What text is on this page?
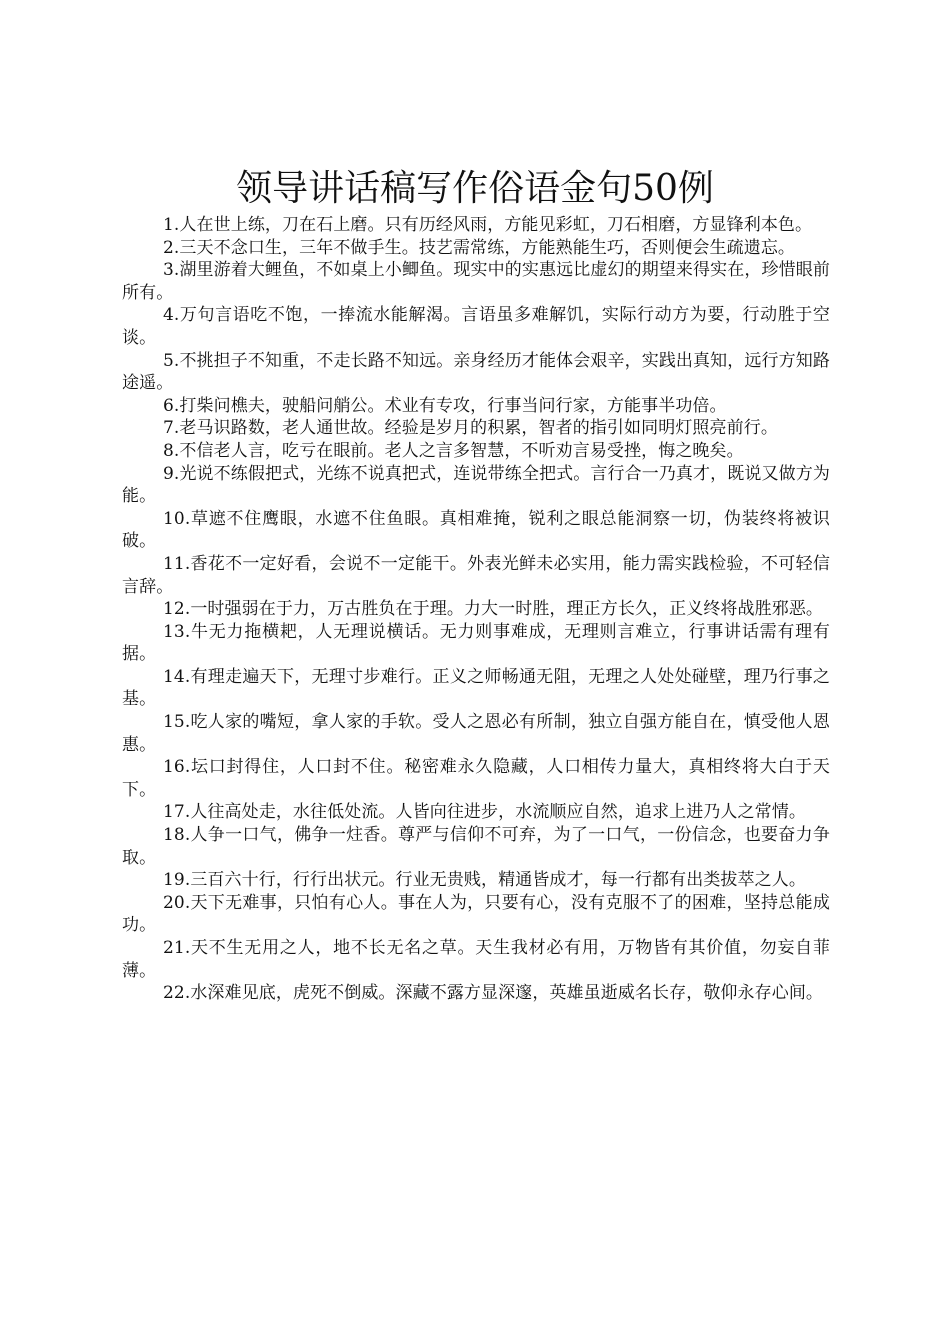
领导讲话稿写作俗语金句50例

1.人在世上练，刀在石上磨。只有历经风雨，方能见彩虹，刀石相磨，方显锋利本色。

2.三天不念口生，三年不做手生。技艺需常练，方能熟能生巧，否则便会生疏遗忘。

3.湖里游着大鲤鱼，不如桌上小鲫鱼。现实中的实惠远比虚幻的期望来得实在，珍惜眼前所有。

4.万句言语吃不饱，一捧流水能解渴。言语虽多难解饥，实际行动方为要，行动胜于空谈。

5.不挑担子不知重，不走长路不知远。亲身经历才能体会艰辛，实践出真知，远行方知路途遥。

6.打柴问樵夫，驶船问艄公。术业有专攻，行事当问行家，方能事半功倍。

7.老马识路数，老人通世故。经验是岁月的积累，智者的指引如同明灯照亮前行。

8.不信老人言，吃亏在眼前。老人之言多智慧，不听劝言易受挫，悔之晚矣。

9.光说不练假把式，光练不说真把式，连说带练全把式。言行合一乃真才，既说又做方为能。

10.草遮不住鹰眼，水遮不住鱼眼。真相难掩，锐利之眼总能洞察一切，伪装终将被识破。

11.香花不一定好看，会说不一定能干。外表光鲜未必实用，能力需实践检验，不可轻信言辞。

12.一时强弱在于力，万古胜负在于理。力大一时胜，理正方长久，正义终将战胜邪恶。

13.牛无力拖横耙，人无理说横话。无力则事难成，无理则言难立，行事讲话需有理有据。

14.有理走遍天下，无理寸步难行。正义之师畅通无阻，无理之人处处碰壁，理乃行事之基。

15.吃人家的嘴短，拿人家的手软。受人之恩必有所制，独立自强方能自在，慎受他人恩惠。

16.坛口封得住，人口封不住。秘密难永久隐藏，人口相传力量大，真相终将大白于天下。

17.人往高处走，水往低处流。人皆向往进步，水流顺应自然，追求上进乃人之常情。

18.人争一口气，佛争一炷香。尊严与信仰不可弃，为了一口气，一份信念，也要奋力争取。

19.三百六十行，行行出状元。行业无贵贱，精通皆成才，每一行都有出类拔萃之人。

20.天下无难事，只怕有心人。事在人为，只要有心，没有克服不了的困难，坚持总能成功。

21.天不生无用之人，地不长无名之草。天生我材必有用，万物皆有其价值，勿妄自菲薄。

22.水深难见底，虎死不倒威。深藏不露方显深邃，英雄虽逝威名长存，敬仰永存心间。
